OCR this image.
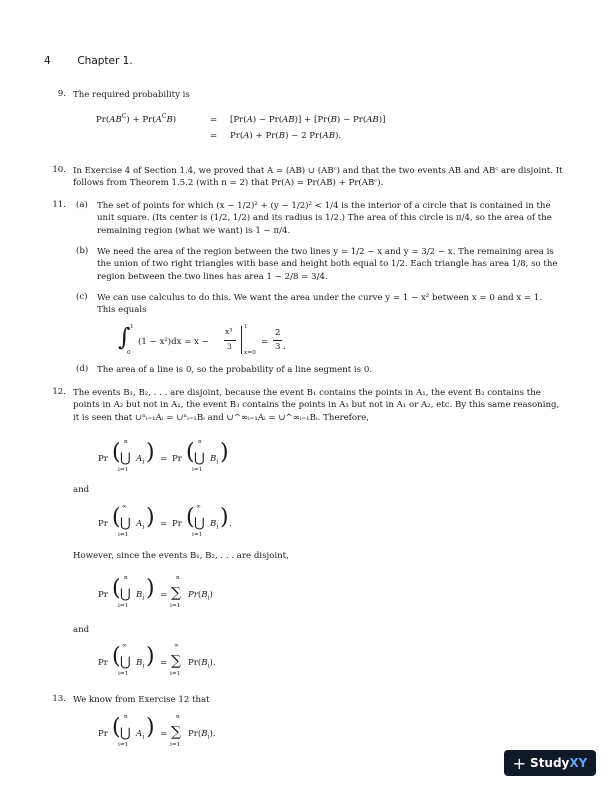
4	Chapter 1.
9. The required probability is
$Pr(AB^C) + Pr(A^CB)$	= [Pr(A) − Pr(AB)] + [Pr(B) − Pr(AB)]
= Pr(A) + Pr(B) − 2 Pr(AB).
10. In Exercise 4 of Section 1.4, we proved that A = (AB) ∪ (ABᶜ) and that the two events AB and ABᶜ are disjoint. It follows from Theorem 1.5.2 (with n = 2) that Pr(A) = Pr(AB) + Pr(ABᶜ).
11. (a) The set of points for which (x − 1/2)² + (y − 1/2)² < 1/4 is the interior of a circle that is contained in the unit square. (Its center is (1/2, 1/2) and its radius is 1/2.) The area of this circle is π/4, so the area of the remaining region (what we want) is 1 − π/4.
(b) We need the area of the region between the two lines y = 1/2 − x and y = 3/2 − x. The remaining area is the union of two right triangles with base and height both equal to 1/2. Each triangle has area 1/8, so the region between the two lines has area 1 − 2/8 = 3/4.
(c) We can use calculus to do this. We want the area under the curve y = 1 − x² between x = 0 and x = 1. This equals
∫ 1
0
(1 − x²)dx = x −
x³
3
1
x=0
=
2
3 .
(d) The area of a line is 0, so the probability of a line segment is 0.
12. The events B₁, B₂, . . . are disjoint, because the event B₁ contains the points in A₁, the event B₂ contains the points in A₂ but not in A₁, the event B₃ contains the points in A₃ but not in A₁ or A₂, etc. By this same reasoning, it is seen that ∪ⁿᵢ₌₁Aᵢ = ∪ⁿᵢ₌₁Bᵢ and ∪^∞ᵢ₌₁Aᵢ = ∪^∞ᵢ₌₁Bᵢ. Therefore,
Pr ( n
⋃
i=1
$A_i$ ) = Pr ( n
⋃
i=1
$B_i$ )
and
Pr ( ∞
⋃
i=1
$A_i$ ) = Pr ( ∞
⋃
i=1
$B_i$ ) .
However, since the events B₁, B₂, . . . are disjoint,
Pr ( n
⋃
i=1
$B_i$ ) =
n
∑
i=1
$Pr(B_i)$
and
Pr ( ∞
⋃
i=1
$B_i$ ) =
∞
∑
i=1
$Pr(B_i)$.
13. We know from Exercise 12 that
Pr ( n
⋃
i=1
$A_i$ ) =
n
∑
i=1
$Pr(B_i)$.
+ StudyXY
